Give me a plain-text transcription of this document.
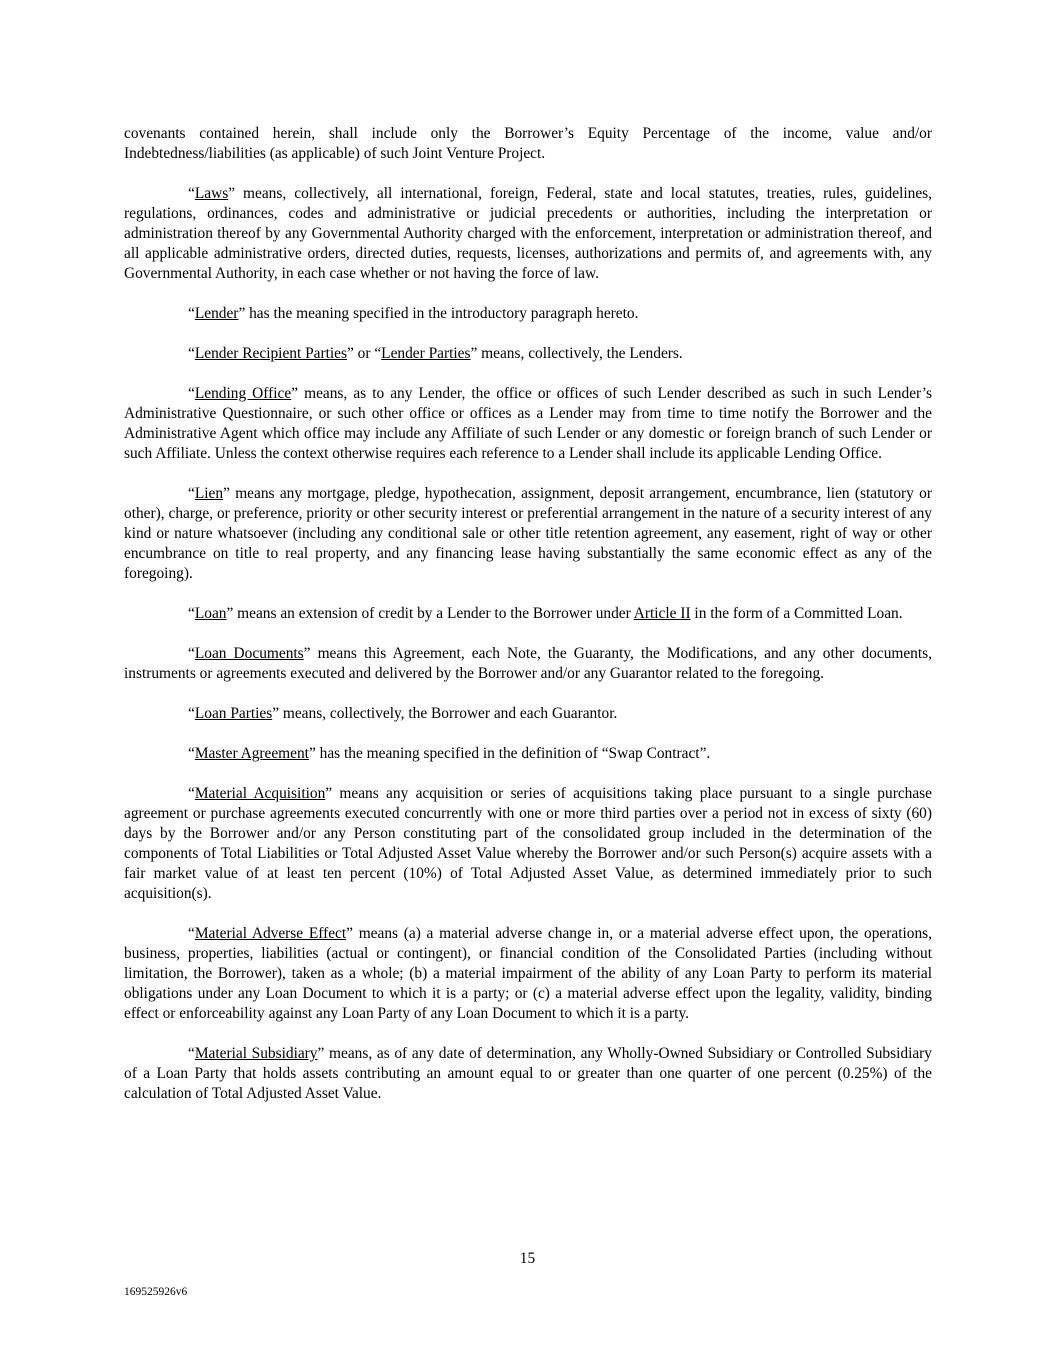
covenants contained herein, shall include only the Borrower’s Equity Percentage of the income, value and/or Indebtedness/liabilities (as applicable) of such Joint Venture Project.

“Laws” means, collectively, all international, foreign, Federal, state and local statutes, treaties, rules, guidelines, regulations, ordinances, codes and administrative or judicial precedents or authorities, including the interpretation or administration thereof by any Governmental Authority charged with the enforcement, interpretation or administration thereof, and all applicable administrative orders, directed duties, requests, licenses, authorizations and permits of, and agreements with, any Governmental Authority, in each case whether or not having the force of law.

“Lender” has the meaning specified in the introductory paragraph hereto.

“Lender Recipient Parties” or “Lender Parties” means, collectively, the Lenders.

“Lending Office” means, as to any Lender, the office or offices of such Lender described as such in such Lender’s Administrative Questionnaire, or such other office or offices as a Lender may from time to time notify the Borrower and the Administrative Agent which office may include any Affiliate of such Lender or any domestic or foreign branch of such Lender or such Affiliate. Unless the context otherwise requires each reference to a Lender shall include its applicable Lending Office.

“Lien” means any mortgage, pledge, hypothecation, assignment, deposit arrangement, encumbrance, lien (statutory or other), charge, or preference, priority or other security interest or preferential arrangement in the nature of a security interest of any kind or nature whatsoever (including any conditional sale or other title retention agreement, any easement, right of way or other encumbrance on title to real property, and any financing lease having substantially the same economic effect as any of the foregoing).

“Loan” means an extension of credit by a Lender to the Borrower under Article II in the form of a Committed Loan.

“Loan Documents” means this Agreement, each Note, the Guaranty, the Modifications, and any other documents, instruments or agreements executed and delivered by the Borrower and/or any Guarantor related to the foregoing.

“Loan Parties” means, collectively, the Borrower and each Guarantor.

“Master Agreement” has the meaning specified in the definition of “Swap Contract”.

“Material Acquisition” means any acquisition or series of acquisitions taking place pursuant to a single purchase agreement or purchase agreements executed concurrently with one or more third parties over a period not in excess of sixty (60) days by the Borrower and/or any Person constituting part of the consolidated group included in the determination of the components of Total Liabilities or Total Adjusted Asset Value whereby the Borrower and/or such Person(s) acquire assets with a fair market value of at least ten percent (10%) of Total Adjusted Asset Value, as determined immediately prior to such acquisition(s).

“Material Adverse Effect” means (a) a material adverse change in, or a material adverse effect upon, the operations, business, properties, liabilities (actual or contingent), or financial condition of the Consolidated Parties (including without limitation, the Borrower), taken as a whole; (b) a material impairment of the ability of any Loan Party to perform its material obligations under any Loan Document to which it is a party; or (c) a material adverse effect upon the legality, validity, binding effect or enforceability against any Loan Party of any Loan Document to which it is a party.

“Material Subsidiary” means, as of any date of determination, any Wholly-Owned Subsidiary or Controlled Subsidiary of a Loan Party that holds assets contributing an amount equal to or greater than one quarter of one percent (0.25%) of the calculation of Total Adjusted Asset Value.

15
169525926v6
